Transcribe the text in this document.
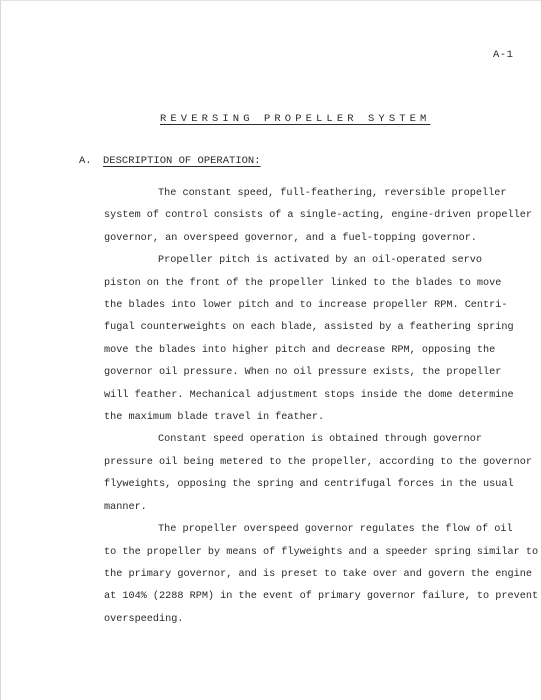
A-1
REVERSING PROPELLER SYSTEM
A. DESCRIPTION OF OPERATION:
The constant speed, full-feathering, reversible propeller
system of control consists of a single-acting, engine-driven propeller
governor, an overspeed governor, and a fuel-topping governor.
Propeller pitch is activated by an oil-operated servo
piston on the front of the propeller linked to the blades to move
the blades into lower pitch and to increase propeller RPM. Centri-
fugal counterweights on each blade, assisted by a feathering spring
move the blades into higher pitch and decrease RPM, opposing the
governor oil pressure. When no oil pressure exists, the propeller
will feather. Mechanical adjustment stops inside the dome determine
the maximum blade travel in feather.
Constant speed operation is obtained through governor
pressure oil being metered to the propeller, according to the governor
flyweights, opposing the spring and centrifugal forces in the usual
manner.
The propeller overspeed governor regulates the flow of oil
to the propeller by means of flyweights and a speeder spring similar to
the primary governor, and is preset to take over and govern the engine
at 104% (2288 RPM) in the event of primary governor failure, to prevent
overspeeding.
